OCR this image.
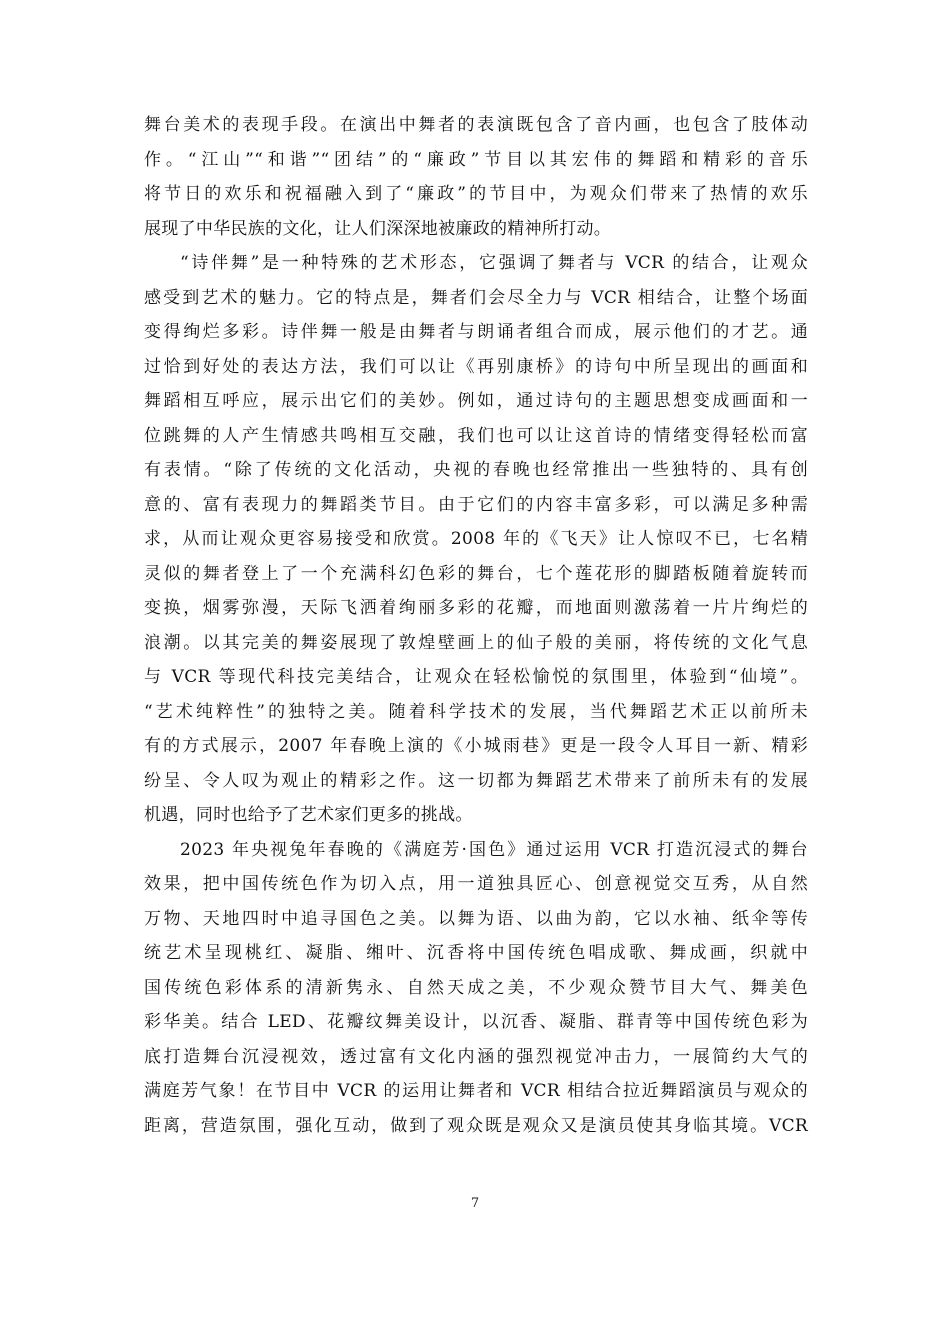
舞台美术的表现手段。在演出中舞者的表演既包含了音内画，也包含了肢体动
作。“江山”“和谐”“团结”的“廉政”节目以其宏伟的舞蹈和精彩的音乐
将节日的欢乐和祝福融入到了“廉政”的节目中，为观众们带来了热情的欢乐
展现了中华民族的文化，让人们深深地被廉政的精神所打动。
“诗伴舞”是一种特殊的艺术形态，它强调了舞者与 VCR 的结合，让观众
感受到艺术的魅力。它的特点是，舞者们会尽全力与 VCR 相结合，让整个场面
变得绚烂多彩。诗伴舞一般是由舞者与朗诵者组合而成，展示他们的才艺。通
过恰到好处的表达方法，我们可以让《再别康桥》的诗句中所呈现出的画面和
舞蹈相互呼应，展示出它们的美妙。例如，通过诗句的主题思想变成画面和一
位跳舞的人产生情感共鸣相互交融，我们也可以让这首诗的情绪变得轻松而富
有表情。“除了传统的文化活动，央视的春晚也经常推出一些独特的、具有创
意的、富有表现力的舞蹈类节目。由于它们的内容丰富多彩，可以满足多种需
求，从而让观众更容易接受和欣赏。2008 年的《飞天》让人惊叹不已，七名精
灵似的舞者登上了一个充满科幻色彩的舞台，七个莲花形的脚踏板随着旋转而
变换，烟雾弥漫，天际飞洒着绚丽多彩的花瓣，而地面则激荡着一片片绚烂的
浪潮。以其完美的舞姿展现了敦煌壁画上的仙子般的美丽，将传统的文化气息
与 VCR 等现代科技完美结合，让观众在轻松愉悦的氛围里，体验到“仙境”。
“艺术纯粹性”的独特之美。随着科学技术的发展，当代舞蹈艺术正以前所未
有的方式展示，2007 年春晚上演的《小城雨巷》更是一段令人耳目一新、精彩
纷呈、令人叹为观止的精彩之作。这一切都为舞蹈艺术带来了前所未有的发展
机遇，同时也给予了艺术家们更多的挑战。
2023 年央视兔年春晚的《满庭芳·国色》通过运用 VCR 打造沉浸式的舞台
效果，把中国传统色作为切入点，用一道独具匠心、创意视觉交互秀，从自然
万物、天地四时中追寻国色之美。以舞为语、以曲为韵，它以水袖、纸伞等传
统艺术呈现桃红、凝脂、缃叶、沉香将中国传统色唱成歌、舞成画，织就中
国传统色彩体系的清新隽永、自然天成之美，不少观众赞节目大气、舞美色
彩华美。结合 LED、花瓣纹舞美设计，以沉香、凝脂、群青等中国传统色彩为
底打造舞台沉浸视效，透过富有文化内涵的强烈视觉冲击力，一展简约大气的
满庭芳气象！在节目中 VCR 的运用让舞者和 VCR 相结合拉近舞蹈演员与观众的
距离，营造氛围，强化互动，做到了观众既是观众又是演员使其身临其境。VCR
7
